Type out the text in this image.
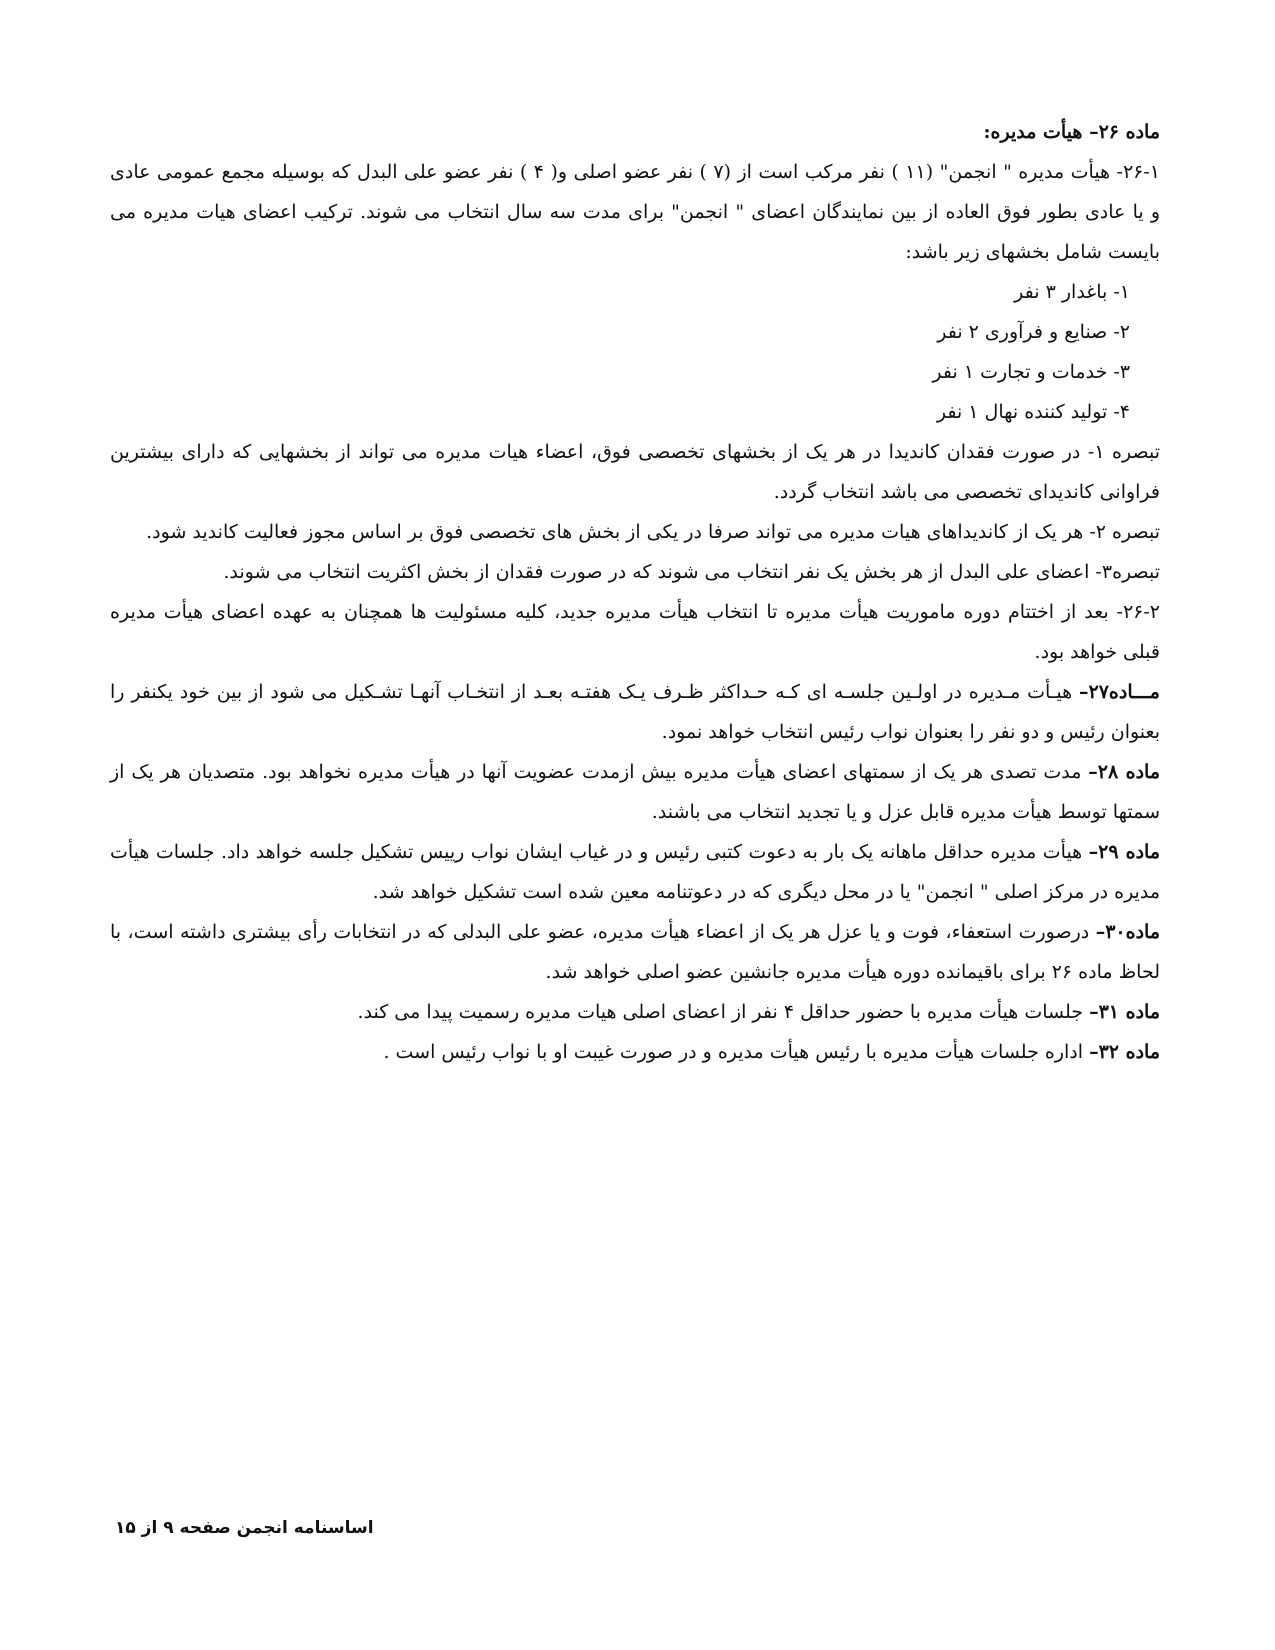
ماده ۲۶– هیأت مدیره:

۲۶-۱- هیأت مدیره " انجمن" (۱۱ ) نفر مرکب است از (۷ ) نفر عضو اصلی و( ۴ ) نفر عضو علی البدل که بوسیله مجمع عمومی عادی و یا عادی بطور فوق العاده از بین نمایندگان اعضای " انجمن" برای مدت سه سال انتخاب می شوند. ترکیب اعضای هیات مدیره می بایست شامل بخشهای زیر باشد:

۱- باغدار ۳ نفر
۲- صنایع و فرآوری ۲ نفر
۳- خدمات و تجارت ۱ نفر
۴- تولید کننده نهال ۱ نفر

تبصره ۱- در صورت فقدان کاندیدا در هر یک از بخشهای تخصصی فوق، اعضاء هیات مدیره می تواند از بخشهایی که دارای بیشترین فراوانی کاندیدای تخصصی می باشد انتخاب گردد.

تبصره ۲- هر یک از کاندیداهای هیات مدیره می تواند صرفا در یکی از بخش های تخصصی فوق بر اساس مجوز فعالیت کاندید شود.

تبصره۳- اعضای علی البدل از هر بخش یک نفر انتخاب می شوند که در صورت فقدان از بخش اکثریت انتخاب می شوند.

۲۶-۲- بعد از اختتام دوره ماموریت هیأت مدیره تا انتخاب هیأت مدیره جدید، کلیه مسئولیت ها همچنان به عهده اعضای هیأت مدیره قبلی خواهد بود.

مـــاده۲۷– هیـأت مـدیره در اولـین جلسـه ای کـه حـداکثر ظـرف یـک هفتـه بعـد از انتخـاب آنهـا تشـکیل می شود از بین خود یکنفر را بعنوان رئیس و دو نفر را بعنوان نواب رئیس انتخاب خواهد نمود.

ماده ۲۸– مدت تصدی هر یک از سمتهای اعضای هیأت مدیره بیش ازمدت عضویت آنها در هیأت مدیره نخواهد بود. متصدیان هر یک از سمتها توسط هیأت مدیره قابل عزل و یا تجدید انتخاب می باشند.

ماده ۲۹– هیأت مدیره حداقل ماهانه یک بار به دعوت کتبی رئیس و در غیاب ایشان نواب رییس تشکیل جلسه خواهد داد. جلسات هیأت مدیره در مرکز اصلی " انجمن" یا در محل دیگری که در دعوتنامه معین شده است تشکیل خواهد شد.

ماده۳۰– درصورت استعفاء، فوت و یا عزل هر یک از اعضاء هیأت مدیره، عضو علی البدلی که در انتخابات رأی بیشتری داشته است، با لحاظ ماده ۲۶ برای باقیمانده دوره هیأت مدیره جانشین عضو اصلی خواهد شد.

ماده ۳۱– جلسات هیأت مدیره با حضور حداقل ۴ نفر از اعضای اصلی هیات مدیره رسمیت پیدا می کند.

ماده ۳۲– اداره جلسات هیأت مدیره با رئیس هیأت مدیره و در صورت غیبت او با نواب رئیس است .

اساسنامه انجمن صفحه ۹ از ۱۵
